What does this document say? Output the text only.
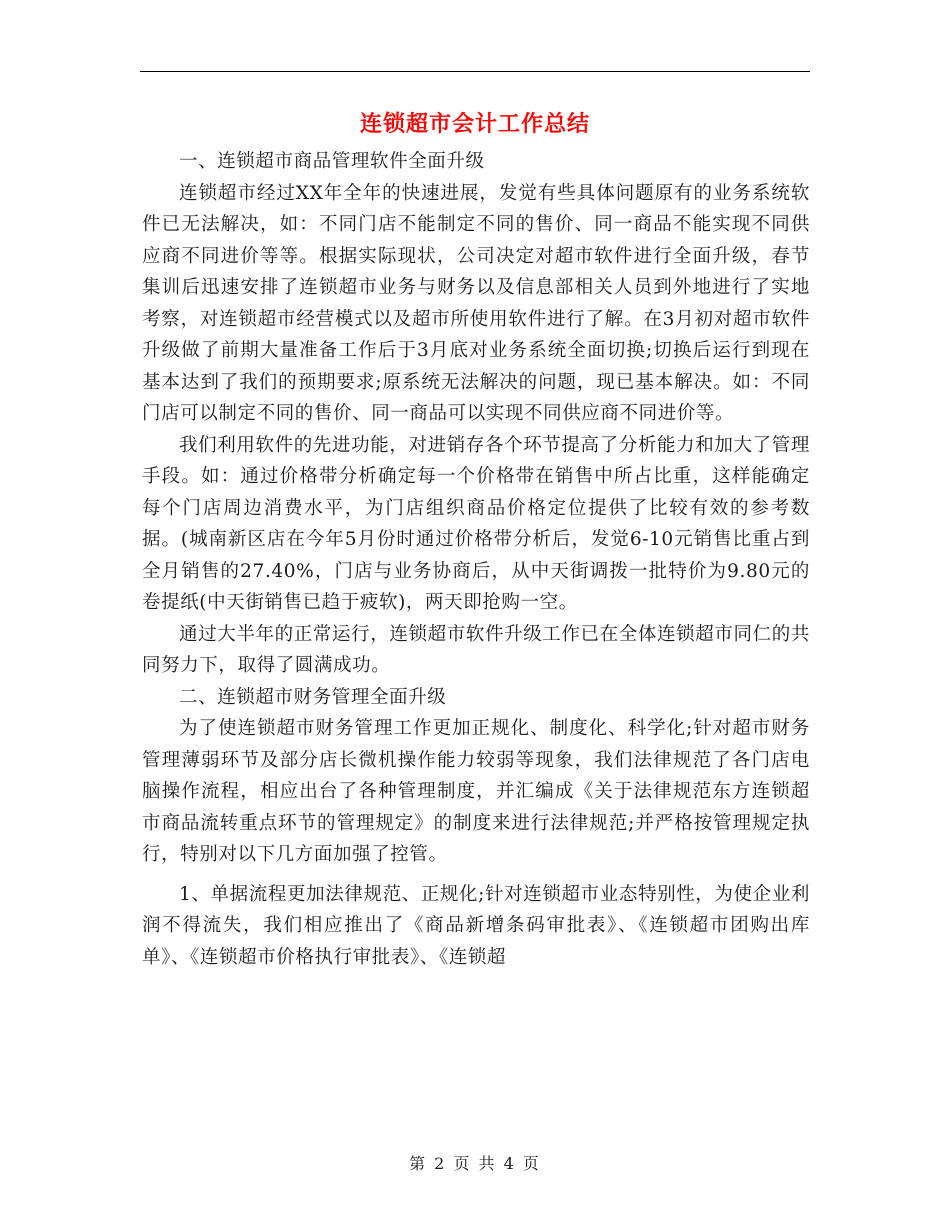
连锁超市会计工作总结

一、连锁超市商品管理软件全面升级

连锁超市经过XX年全年的快速进展，发觉有些具体问题原有的业务系统软件已无法解决，如：不同门店不能制定不同的售价、同一商品不能实现不同供应商不同进价等等。根据实际现状，公司决定对超市软件进行全面升级，春节集训后迅速安排了连锁超市业务与财务以及信息部相关人员到外地进行了实地考察，对连锁超市经营模式以及超市所使用软件进行了解。在3月初对超市软件升级做了前期大量准备工作后于3月底对业务系统全面切换;切换后运行到现在基本达到了我们的预期要求;原系统无法解决的问题，现已基本解决。如：不同门店可以制定不同的售价、同一商品可以实现不同供应商不同进价等。

我们利用软件的先进功能，对进销存各个环节提高了分析能力和加大了管理手段。如：通过价格带分析确定每一个价格带在销售中所占比重，这样能确定每个门店周边消费水平，为门店组织商品价格定位提供了比较有效的参考数据。(城南新区店在今年5月份时通过价格带分析后，发觉6-10元销售比重占到全月销售的27.40%，门店与业务协商后，从中天街调拨一批特价为9.80元的卷提纸(中天街销售已趋于疲软)，两天即抢购一空。

通过大半年的正常运行，连锁超市软件升级工作已在全体连锁超市同仁的共同努力下，取得了圆满成功。

二、连锁超市财务管理全面升级

为了使连锁超市财务管理工作更加正规化、制度化、科学化;针对超市财务管理薄弱环节及部分店长微机操作能力较弱等现象，我们法律规范了各门店电脑操作流程，相应出台了各种管理制度，并汇编成《关于法律规范东方连锁超市商品流转重点环节的管理规定》的制度来进行法律规范;并严格按管理规定执行，特别对以下几方面加强了控管。

1、单据流程更加法律规范、正规化;针对连锁超市业态特别性，为使企业利润不得流失，我们相应推出了《商品新增条码审批表》、《连锁超市团购出库单》、《连锁超市价格执行审批表》、《连锁超

第 2 页 共 4 页
